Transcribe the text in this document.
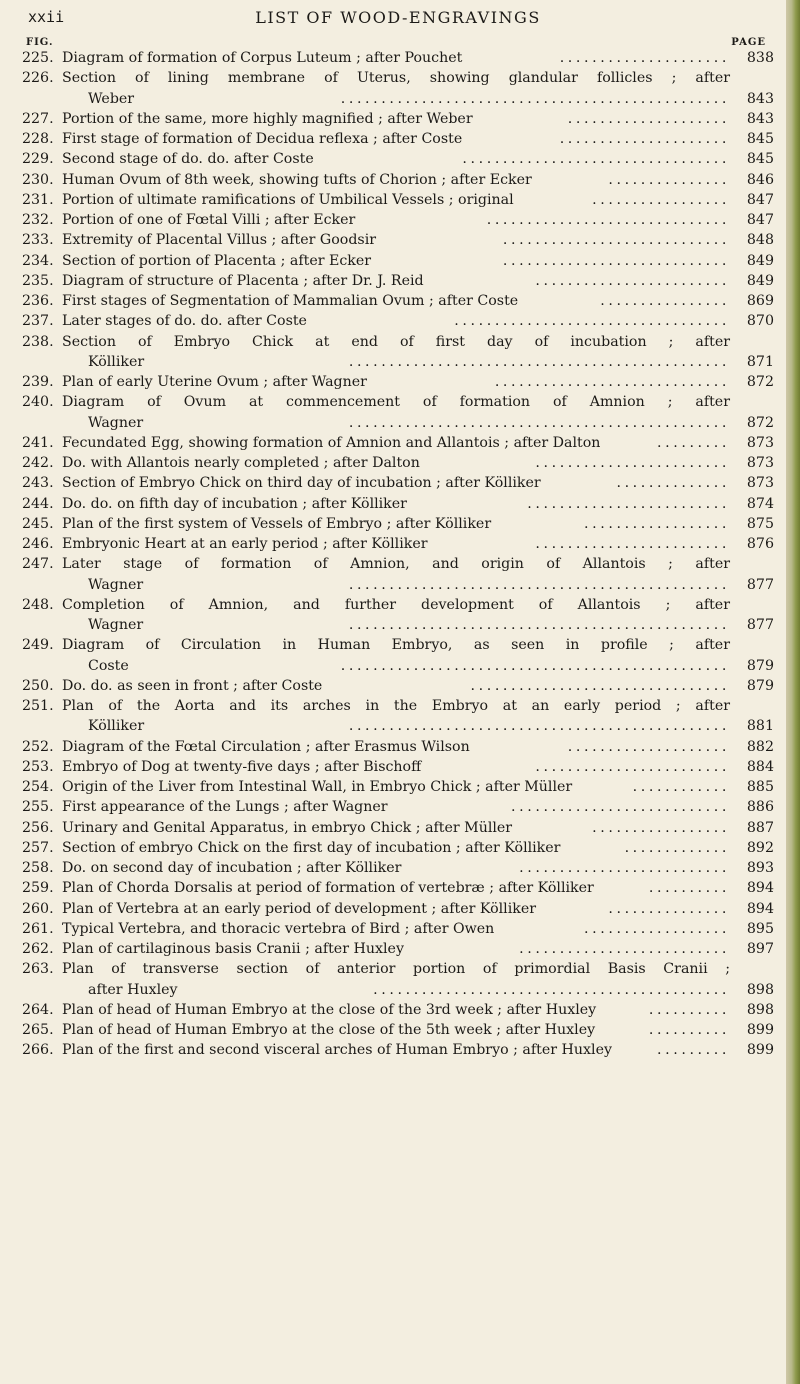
xxii	LIST OF WOOD-ENGRAVINGS
FIG.	PAGE
225. Diagram of formation of Corpus Luteum ; after Pouchet	.....................	838
226. Section of lining membrane of Uterus, showing glandular follicles ; after
Weber	................................................	843
227. Portion of the same, more highly magnified ; after Weber	....................	843
228. First stage of formation of Decidua reflexa ; after Coste	.....................	845
229. Second stage of do. do. after Coste	.................................	845
230. Human Ovum of 8th week, showing tufts of Chorion ; after Ecker	...............	846
231. Portion of ultimate ramifications of Umbilical Vessels ; original	.................	847
232. Portion of one of Fœtal Villi ; after Ecker	..............................	847
233. Extremity of Placental Villus ; after Goodsir	............................	848
234. Section of portion of Placenta ; after Ecker	............................	849
235. Diagram of structure of Placenta ; after Dr. J. Reid	........................	849
236. First stages of Segmentation of Mammalian Ovum ; after Coste	................	869
237. Later stages of do. do. after Coste	..................................	870
238. Section of Embryo Chick at end of first day of incubation ; after
Kölliker	...............................................	871
239. Plan of early Uterine Ovum ; after Wagner	.............................	872
240. Diagram of Ovum at commencement of formation of Amnion ; after
Wagner	...............................................	872
241. Fecundated Egg, showing formation of Amnion and Allantois ; after Dalton	.........	873
242. Do. with Allantois nearly completed ; after Dalton	........................	873
243. Section of Embryo Chick on third day of incubation ; after Kölliker	..............	873
244. Do. do. on fifth day of incubation ; after Kölliker	.........................	874
245. Plan of the first system of Vessels of Embryo ; after Kölliker	..................	875
246. Embryonic Heart at an early period ; after Kölliker	........................	876
247. Later stage of formation of Amnion, and origin of Allantois ; after
Wagner	...............................................	877
248. Completion of Amnion, and further development of Allantois ; after
Wagner	...............................................	877
249. Diagram of Circulation in Human Embryo, as seen in profile ; after
Coste	................................................	879
250. Do. do. as seen in front ; after Coste	................................	879
251. Plan of the Aorta and its arches in the Embryo at an early period ; after
Kölliker	...............................................	881
252. Diagram of the Fœtal Circulation ; after Erasmus Wilson	....................	882
253. Embryo of Dog at twenty-five days ; after Bischoff	........................	884
254. Origin of the Liver from Intestinal Wall, in Embryo Chick ; after Müller	............	885
255. First appearance of the Lungs ; after Wagner	...........................	886
256. Urinary and Genital Apparatus, in embryo Chick ; after Müller	.................	887
257. Section of embryo Chick on the first day of incubation ; after Kölliker	.............	892
258. Do. on second day of incubation ; after Kölliker	..........................	893
259. Plan of Chorda Dorsalis at period of formation of vertebræ ; after Kölliker	..........	894
260. Plan of Vertebra at an early period of development ; after Kölliker	...............	894
261. Typical Vertebra, and thoracic vertebra of Bird ; after Owen	..................	895
262. Plan of cartilaginous basis Cranii ; after Huxley	..........................	897
263. Plan of transverse section of anterior portion of primordial Basis Cranii ;
after Huxley	............................................	898
264. Plan of head of Human Embryo at the close of the 3rd week ; after Huxley	..........	898
265. Plan of head of Human Embryo at the close of the 5th week ; after Huxley	..........	899
266. Plan of the first and second visceral arches of Human Embryo ; after Huxley	.........	899
